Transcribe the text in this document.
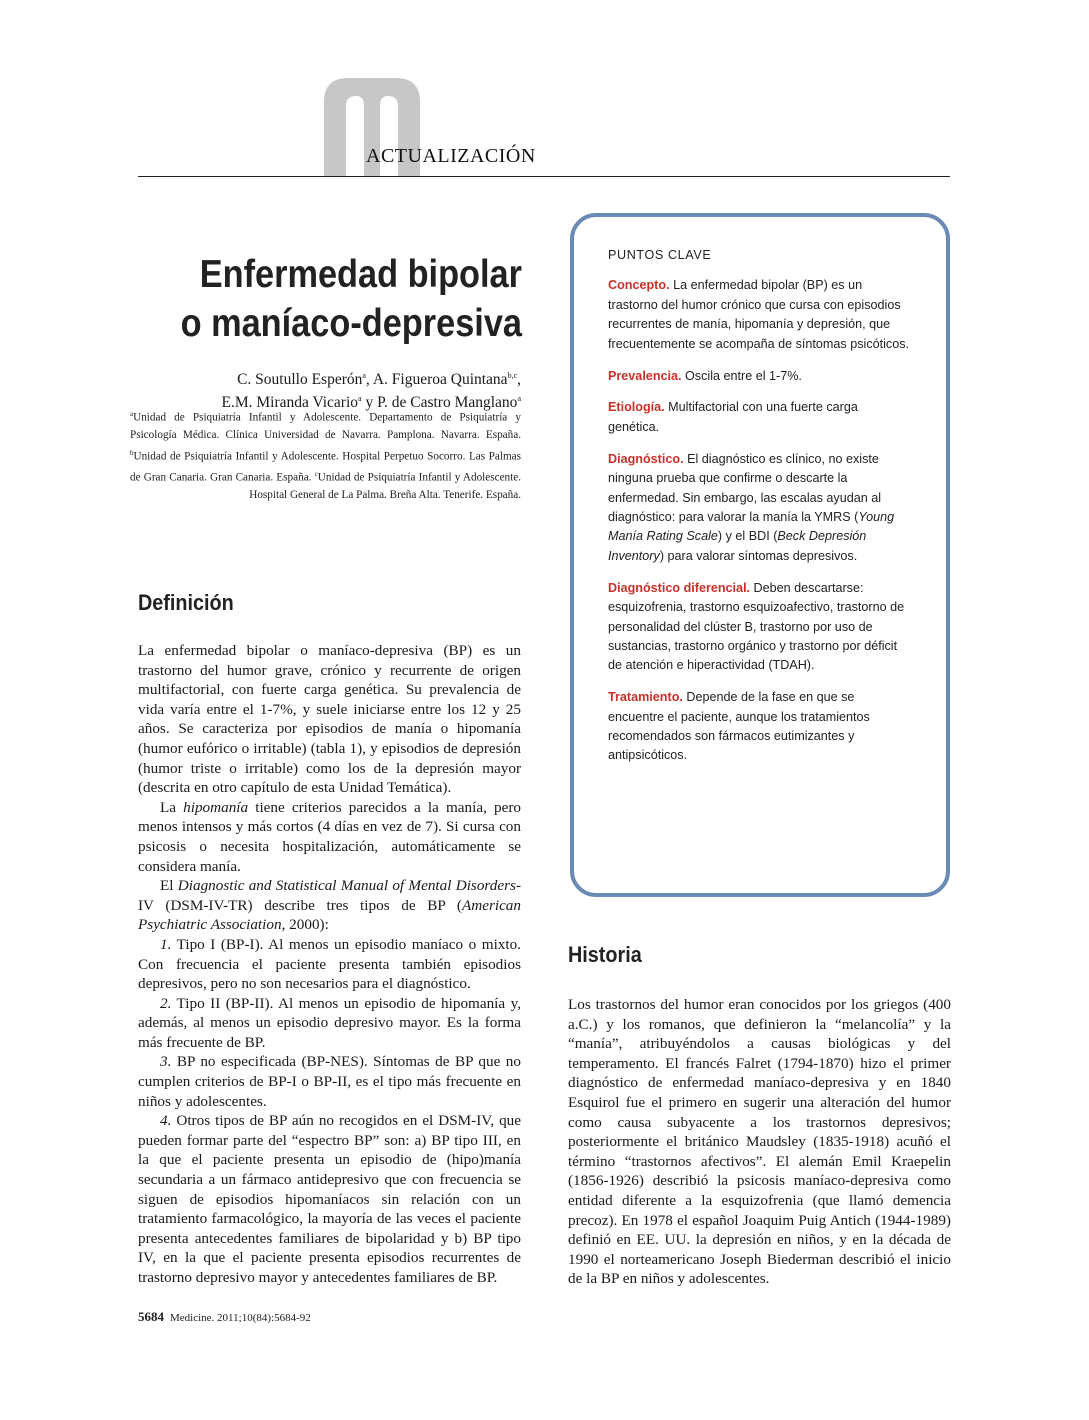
ACTUALIZACIÓN
Enfermedad bipolar
o maníaco-depresiva
C. Soutullo Esperón$^a$, A. Figueroa Quintana$^{b,c}$,
E.M. Miranda Vicario$^a$ y P. de Castro Manglano$^a$
$^a$Unidad de Psiquiatría Infantil y Adolescente. Departamento de Psiquiatría y Psicología Médica. Clínica Universidad de Navarra. Pamplona. Navarra. España. $^b$Unidad de Psiquiatría Infantil y Adolescente. Hospital Perpetuo Socorro. Las Palmas de Gran Canaria. Gran Canaria. España. $^c$Unidad de Psiquiatría Infantil y Adolescente. Hospital General de La Palma. Breña Alta. Tenerife. España.
PUNTOS CLAVE

Concepto. La enfermedad bipolar (BP) es un trastorno del humor crónico que cursa con episodios recurrentes de manía, hipomanía y depresión, que frecuentemente se acompaña de síntomas psicóticos.

Prevalencia. Oscila entre el 1-7%.

Etiología. Multifactorial con una fuerte carga genética.

Diagnóstico. El diagnóstico es clínico, no existe ninguna prueba que confirme o descarte la enfermedad. Sin embargo, las escalas ayudan al diagnóstico: para valorar la manía la YMRS (Young Manía Rating Scale) y el BDI (Beck Depresión Inventory) para valorar síntomas depresivos.

Diagnóstico diferencial. Deben descartarse: esquizofrenia, trastorno esquizoafectivo, trastorno de personalidad del clúster B, trastorno por uso de sustancias, trastorno orgánico y trastorno por déficit de atención e hiperactividad (TDAH).

Tratamiento. Depende de la fase en que se encuentre el paciente, aunque los tratamientos recomendados son fármacos eutimizantes y antipsicóticos.

Definición

La enfermedad bipolar o maníaco-depresiva (BP) es un trastorno del humor grave, crónico y recurrente de origen multifactorial, con fuerte carga genética. Su prevalencia de vida varía entre el 1-7%, y suele iniciarse entre los 12 y 25 años. Se caracteriza por episodios de manía o hipomanía (humor eufórico o irritable) (tabla 1), y episodios de depresión (humor triste o irritable) como los de la depresión mayor (descrita en otro capítulo de esta Unidad Temática).

La hipomanía tiene criterios parecidos a la manía, pero menos intensos y más cortos (4 días en vez de 7). Si cursa con psicosis o necesita hospitalización, automáticamente se considera manía.

El Diagnostic and Statistical Manual of Mental Disorders-IV (DSM-IV-TR) describe tres tipos de BP (American Psychiatric Association, 2000):

1. Tipo I (BP-I). Al menos un episodio maníaco o mixto. Con frecuencia el paciente presenta también episodios depresivos, pero no son necesarios para el diagnóstico.

2. Tipo II (BP-II). Al menos un episodio de hipomanía y, además, al menos un episodio depresivo mayor. Es la forma más frecuente de BP.

3. BP no especificada (BP-NES). Síntomas de BP que no cumplen criterios de BP-I o BP-II, es el tipo más frecuente en niños y adolescentes.

4. Otros tipos de BP aún no recogidos en el DSM-IV, que pueden formar parte del “espectro BP” son: a) BP tipo III, en la que el paciente presenta un episodio de (hipo)manía secundaria a un fármaco antidepresivo que con frecuencia se siguen de episodios hipomaníacos sin relación con un tratamiento farmacológico, la mayoría de las veces el paciente presenta antecedentes familiares de bipolaridad y b) BP tipo IV, en la que el paciente presenta episodios recurrentes de trastorno depresivo mayor y antecedentes familiares de BP.

Historia

Los trastornos del humor eran conocidos por los griegos (400 a.C.) y los romanos, que definieron la “melancolía” y la “manía”, atribuyéndolos a causas biológicas y del temperamento. El francés Falret (1794-1870) hizo el primer diagnóstico de enfermedad maníaco-depresiva y en 1840 Esquirol fue el primero en sugerir una alteración del humor como causa subyacente a los trastornos depresivos; posteriormente el británico Maudsley (1835-1918) acuñó el término “trastornos afectivos”. El alemán Emil Kraepelin (1856-1926) describió la psicosis maníaco-depresiva como entidad diferente a la esquizofrenia (que llamó demencia precoz). En 1978 el español Joaquim Puig Antich (1944-1989) definió en EE. UU. la depresión en niños, y en la década de 1990 el norteamericano Joseph Biederman describió el inicio de la BP en niños y adolescentes.

5684 Medicine. 2011;10(84):5684-92
